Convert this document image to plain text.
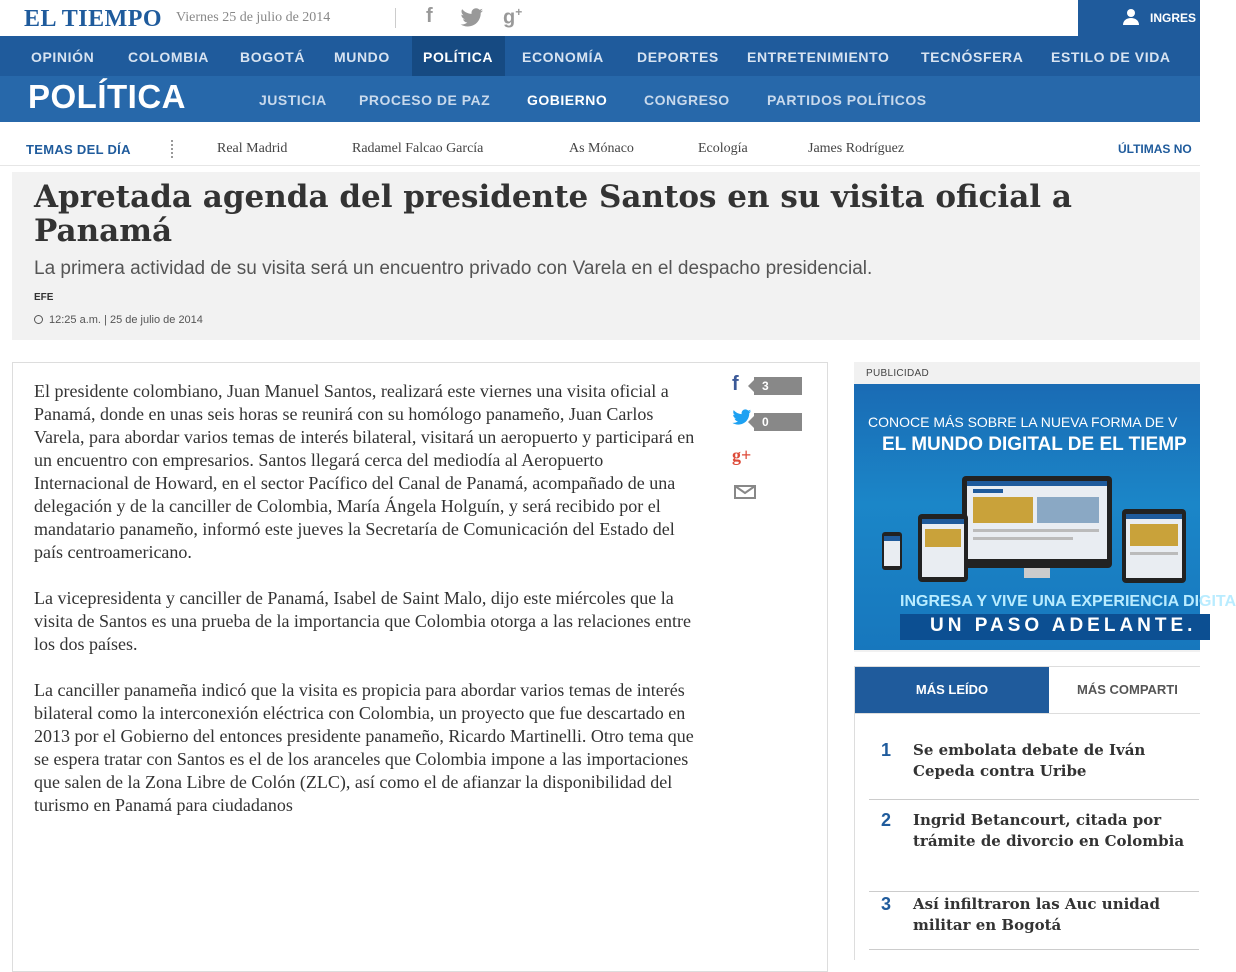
EL TIEMPO Viernes 25 de julio de 2014	f	g+	INGRES
OPINIÓN	COLOMBIA	BOGOTÁ	MUNDO	POLÍTICA	ECONOMÍA	DEPORTES	ENTRETENIMIENTO	TECNÓSFERA	ESTILO DE VIDA
POLÍTICA	JUSTICIA PROCESO DE PAZ	GOBIERNO	CONGRESO	PARTIDOS POLÍTICOS
TEMAS DEL DÍA	Real Madrid	Radamel Falcao García	As Mónaco	Ecología	James Rodríguez	ÚLTIMAS NO
Apretada agenda del presidente Santos en su visita oficial a Panamá
La primera actividad de su visita será un encuentro privado con Varela en el despacho presidencial.
EFE
12:25 a.m. | 25 de julio de 2014

El presidente colombiano, Juan Manuel Santos, realizará este viernes una visita oficial a Panamá, donde en unas seis horas se reunirá con su homólogo panameño, Juan Carlos Varela, para abordar varios temas de interés bilateral, visitará un aeropuerto y participará en un encuentro con empresarios. Santos llegará cerca del mediodía al Aeropuerto Internacional de Howard, en el sector Pacífico del Canal de Panamá, acompañado de una delegación y de la canciller de Colombia, María Ángela Holguín, y será recibido por el mandatario panameño, informó este jueves la Secretaría de Comunicación del Estado del país centroamericano.

La vicepresidenta y canciller de Panamá, Isabel de Saint Malo, dijo este miércoles que la visita de Santos es una prueba de la importancia que Colombia otorga a las relaciones entre los dos países.

La canciller panameña indicó que la visita es propicia para abordar varios temas de interés bilateral como la interconexión eléctrica con Colombia, un proyecto que fue descartado en 2013 por el Gobierno del entonces presidente panameño, Ricardo Martinelli. Otro tema que se espera tratar con Santos es el de los aranceles que Colombia impone a las importaciones que salen de la Zona Libre de Colón (ZLC), así como el de afianzar la disponibilidad del turismo en Panamá para ciudadanos

f	3
0
g+
PUBLICIDAD
CONOCE MÁS SOBRE LA NUEVA FORMA DE V
EL MUNDO DIGITAL DE EL TIEMP
INGRESA Y VIVE UNA EXPERIENCIA DIGITA
UN PASO ADELANTE.
MÁS LEÍDO	MÁS COMPARTI
1 Se embolata debate de Iván Cepeda contra Uribe
2 Ingrid Betancourt, citada por trámite de divorcio en Colombia
3 Así infiltraron las Auc unidad militar en Bogotá
